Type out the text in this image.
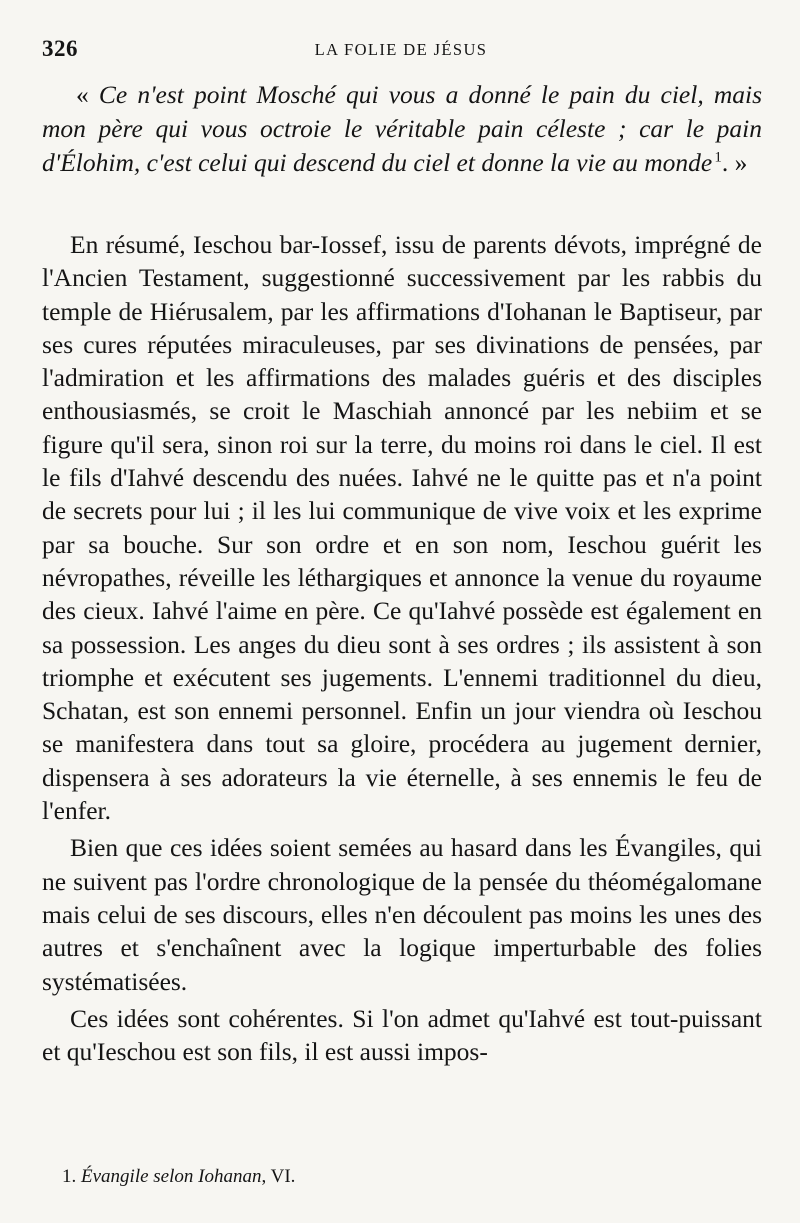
326	LA FOLIE DE JÉSUS
« Ce n'est point Mosché qui vous a donné le pain du ciel, mais mon père qui vous octroie le véritable pain céleste ; car le pain d'Élohim, c'est celui qui descend du ciel et donne la vie au monde  $^1$. »

En résumé, Ieschou bar-Iossef, issu de parents dévots, imprégné de l'Ancien Testament, suggestionné successivement par les rabbis du temple de Hiérusalem, par les affirmations d'Iohanan le Baptiseur, par ses cures réputées miraculeuses, par ses divinations de pensées, par l'admiration et les affirmations des malades guéris et des disciples enthousiasmés, se croit le Maschiah annoncé par les nebiim et se figure qu'il sera, sinon roi sur la terre, du moins roi dans le ciel. Il est le fils d'Iahvé descendu des nuées. Iahvé ne le quitte pas et n'a point de secrets pour lui ; il les lui communique de vive voix et les exprime par sa bouche. Sur son ordre et en son nom, Ieschou guérit les névropathes, réveille les léthargiques et annonce la venue du royaume des cieux. Iahvé l'aime en père. Ce qu'Iahvé possède est également en sa possession. Les anges du dieu sont à ses ordres ; ils assistent à son triomphe et exécutent ses jugements. L'ennemi traditionnel du dieu, Schatan, est son ennemi personnel. Enfin un jour viendra où Ieschou se manifestera dans tout sa gloire, procédera au jugement dernier, dispensera à ses adorateurs la vie éternelle, à ses ennemis le feu de l'enfer.

Bien que ces idées soient semées au hasard dans les Évangiles, qui ne suivent pas l'ordre chronologique de la pensée du théomégalomane mais celui de ses discours, elles n'en découlent pas moins les unes des autres et s'enchaînent avec la logique imperturbable des folies systématisées.

Ces idées sont cohérentes. Si l'on admet qu'Iahvé est tout-puissant et qu'Ieschou est son fils, il est aussi impos-

1. Évangile selon Iohanan, VI.
